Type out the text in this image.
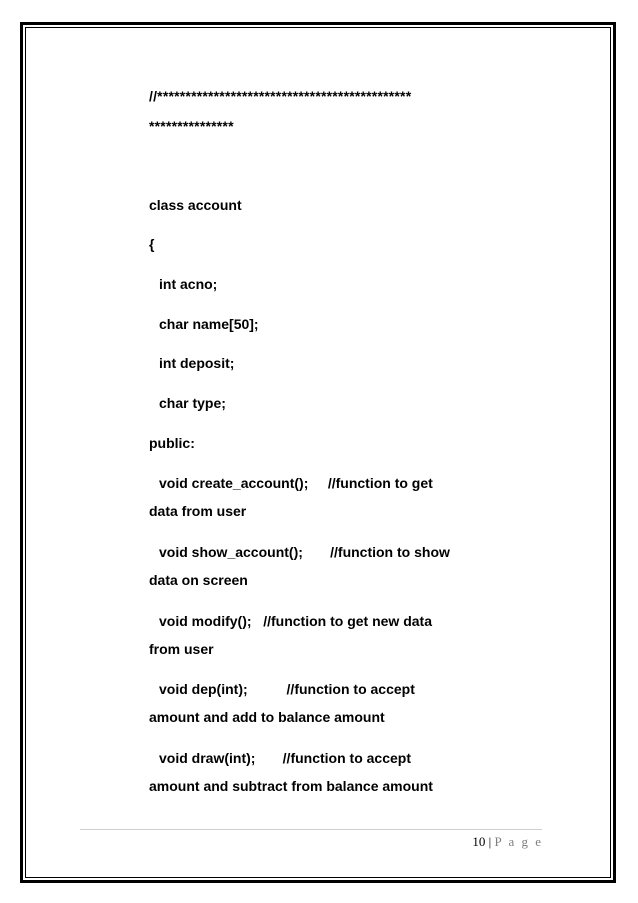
//*********************************************
***************
class account
{
int acno;
char name[50];
int deposit;
char type;
public:
void create_account();     //function to get
data from user
void show_account();       //function to show
data on screen
void modify();   //function to get new data
from user
void dep(int);          //function to accept
amount and add to balance amount
void draw(int);       //function to accept
amount and subtract from balance amount
10 | P a g e
